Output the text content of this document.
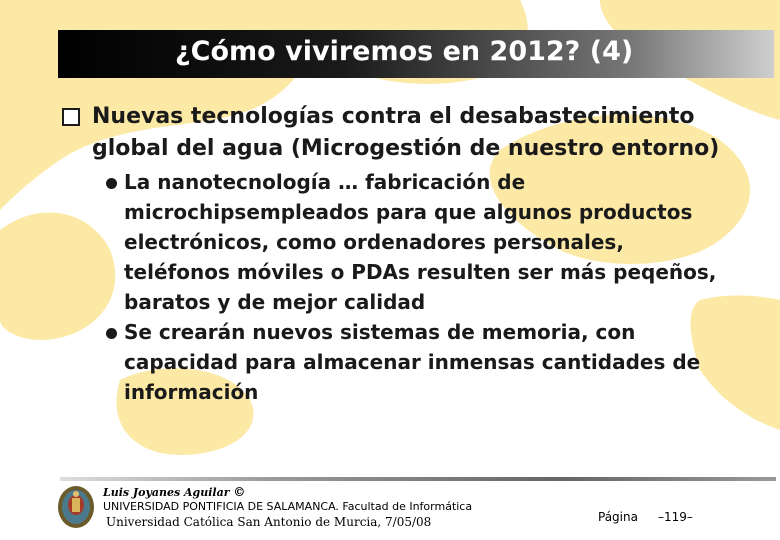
¿Cómo viviremos en 2012? (4)
Nuevas tecnologías contra el desabastecimiento global del agua (Microgestión de nuestro entorno)
La nanotecnología … fabricación de microchipsempleados para que algunos productos electrónicos, como ordenadores personales, teléfonos móviles o PDAs resulten ser más peqeños, baratos y de mejor calidad
Se crearán nuevos sistemas de memoria, con capacidad para almacenar inmensas cantidades de información
Luis Joyanes Aguilar ©
UNIVERSIDAD PONTIFICIA DE SALAMANCA. Facultad de Informática
Universidad Católica San Antonio de Murcia, 7/05/08	Página –119–
